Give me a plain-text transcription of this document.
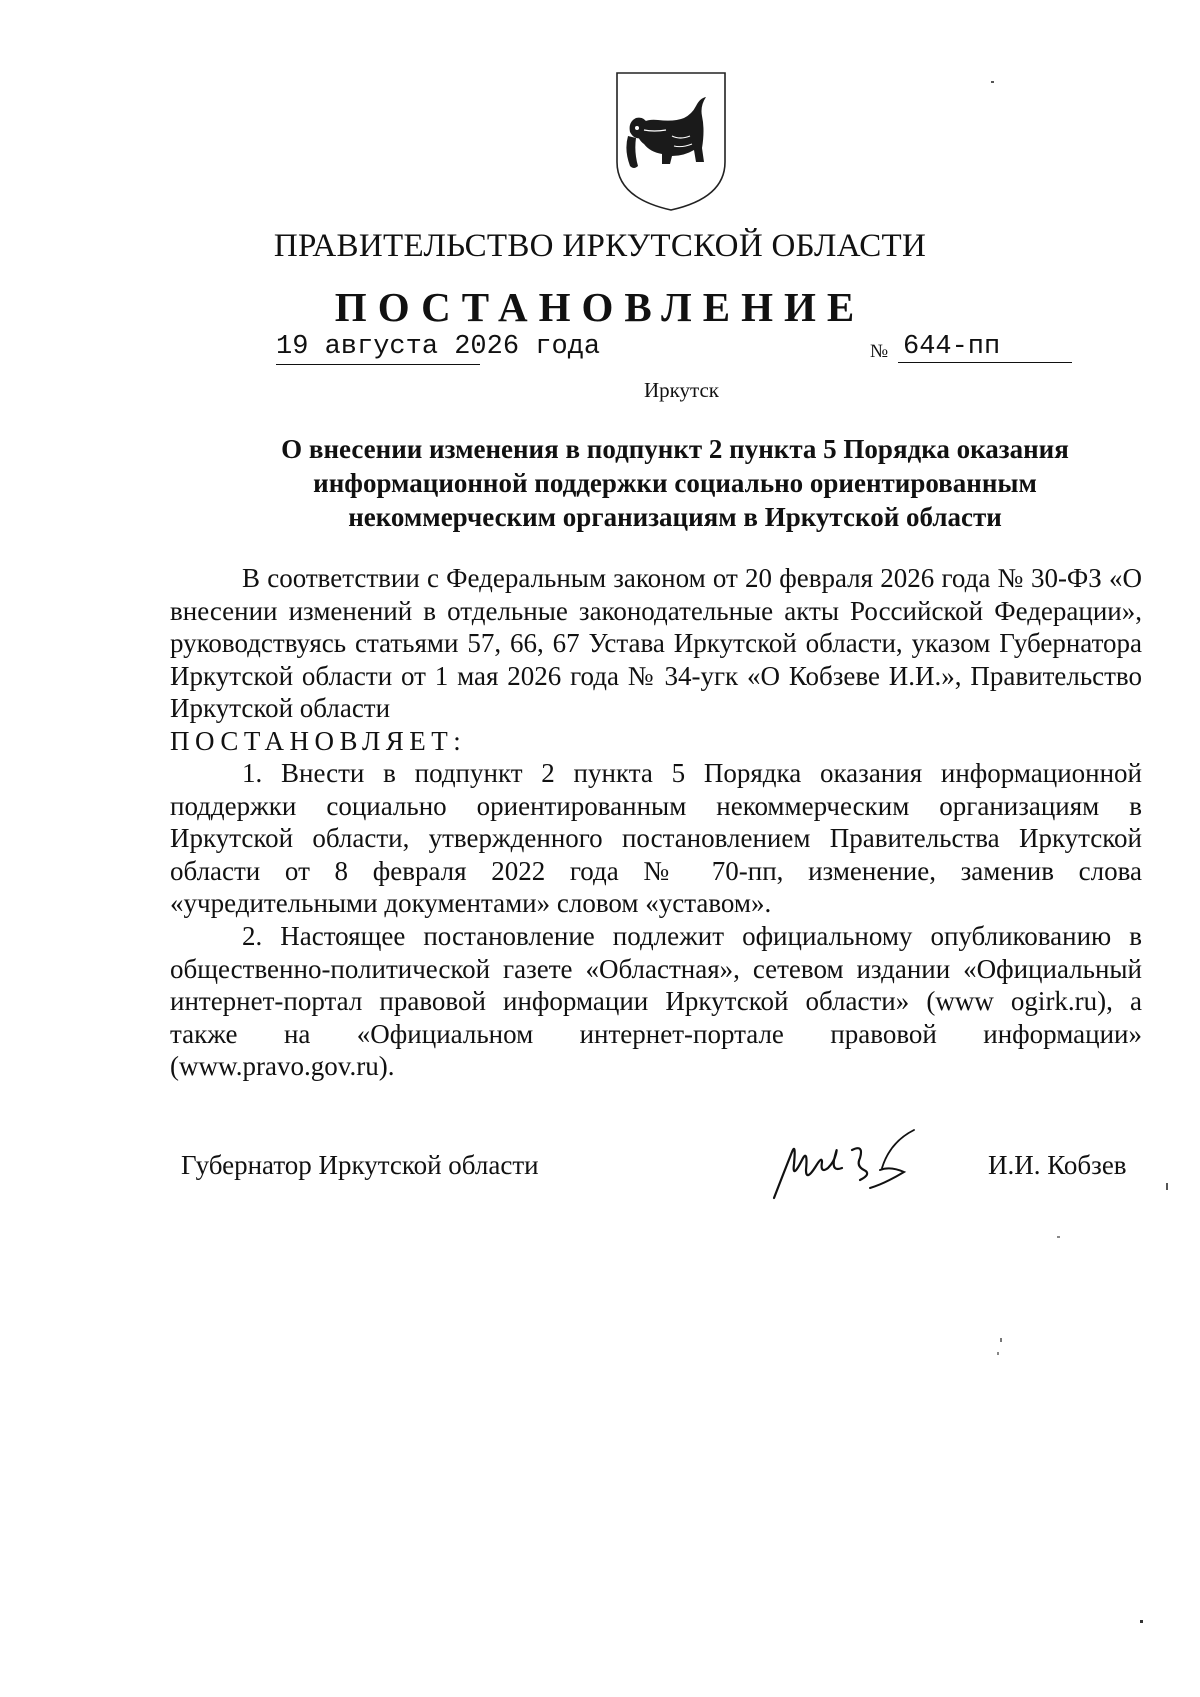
ПРАВИТЕЛЬСТВО ИРКУТСКОЙ ОБЛАСТИ
ПОСТАНОВЛЕНИЕ
19 августа 2026 года	№ 644-пп
Иркутск
О внесении изменения в подпункт 2 пункта 5 Порядка оказания информационной поддержки социально ориентированным некоммерческим организациям в Иркутской области
В соответствии с Федеральным законом от 20 февраля 2026 года № 30-ФЗ «О внесении изменений в отдельные законодательные акты Российской Федерации», руководствуясь статьями 57, 66, 67 Устава Иркутской области, указом Губернатора Иркутской области от 1 мая 2026 года № 34-угк «О Кобзеве И.И.», Правительство Иркутской области
ПОСТАНОВЛЯЕТ:
1. Внести в подпункт 2 пункта 5 Порядка оказания информационной поддержки социально ориентированным некоммерческим организациям в Иркутской области, утвержденного постановлением Правительства Иркутской области от 8 февраля 2022 года № 70-пп, изменение, заменив слова «учредительными документами» словом «уставом».
2. Настоящее постановление подлежит официальному опубликованию в общественно-политической газете «Областная», сетевом издании «Официальный интернет-портал правовой информации Иркутской области» (www ogirk.ru), а также на «Официальном интернет-портале правовой информации» (www.pravo.gov.ru).
Губернатор Иркутской области	И.И. Кобзев
